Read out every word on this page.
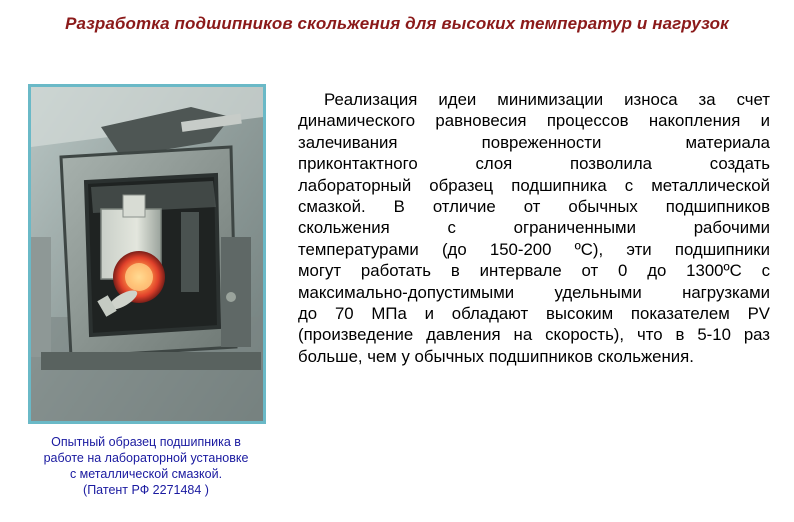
Разработка подшипников скольжения для высоких температур и нагрузок
Опытный образец подшипника в
работе на лабораторной установке
с металлической смазкой.
(Патент РФ 2271484 )
Реализация идеи минимизации износа за счет
динамического равновесия процессов накопления и
залечивания повреженности материала
приконтактного слоя позволила создать
лабораторный образец подшипника с металлической
смазкой. В отличие от обычных подшипников
скольжения с ограниченными рабочими
температурами (до 150-200 ºС), эти подшипники
могут работать в интервале от 0 до 1300ºС с
максимально-допустимыми удельными нагрузками
до 70 МПа и обладают высоким показателем PV
(произведение давления на скорость), что в 5-10 раз
больше, чем у обычных подшипников скольжения.
